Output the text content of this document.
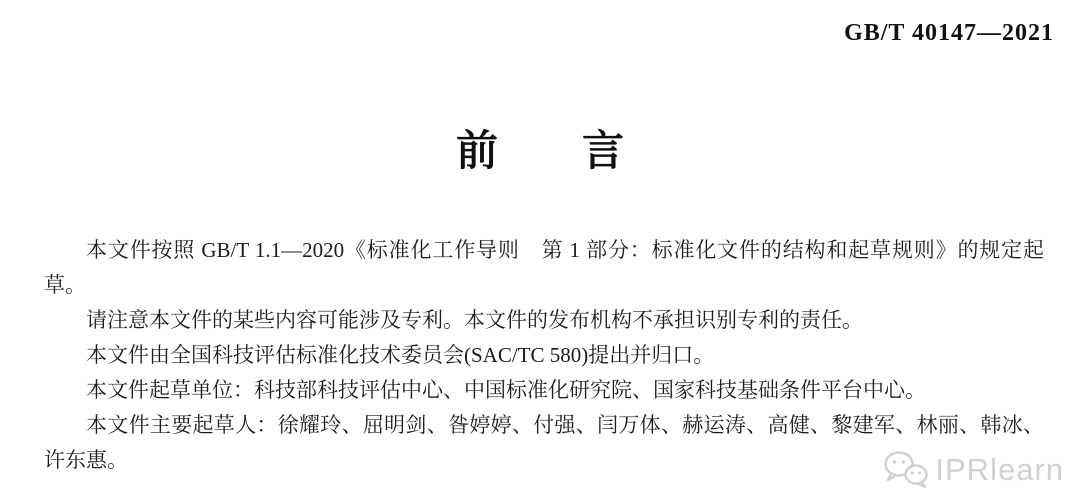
GB/T 40147—2021
前　　言

本文件按照 GB/T 1.1—2020《标准化工作导则　第 1 部分：标准化文件的结构和起草规则》的规定起草。

请注意本文件的某些内容可能涉及专利。本文件的发布机构不承担识别专利的责任。

本文件由全国科技评估标准化技术委员会(SAC/TC 580)提出并归口。

本文件起草单位：科技部科技评估中心、中国标准化研究院、国家科技基础条件平台中心。

本文件主要起草人：徐耀玲、屈明剑、昝婷婷、付强、闫万体、赫运涛、高健、黎建军、林丽、韩冰、许东惠。	IPRlearn
